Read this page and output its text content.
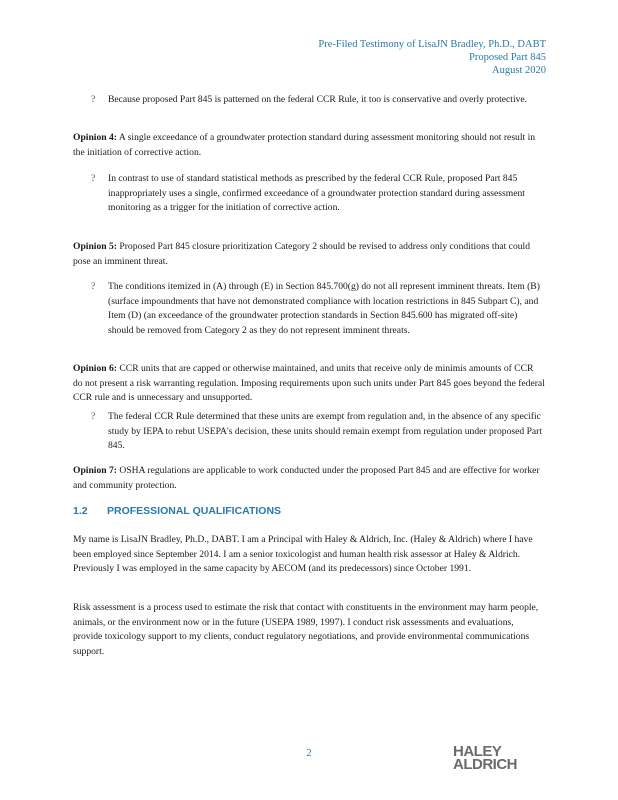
Pre-Filed Testimony of LisaJN Bradley, Ph.D., DABT
Proposed Part 845
August 2020
?	Because proposed Part 845 is patterned on the federal CCR Rule, it too is conservative and overly protective.
Opinion 4: A single exceedance of a groundwater protection standard during assessment monitoring should not result in the initiation of corrective action.
?	In contrast to use of standard statistical methods as prescribed by the federal CCR Rule, proposed Part 845 inappropriately uses a single, confirmed exceedance of a groundwater protection standard during assessment monitoring as a trigger for the initiation of corrective action.
Opinion 5: Proposed Part 845 closure prioritization Category 2 should be revised to address only conditions that could pose an imminent threat.
?	The conditions itemized in (A) through (E) in Section 845.700(g) do not all represent imminent threats. Item (B) (surface impoundments that have not demonstrated compliance with location restrictions in 845 Subpart C), and Item (D) (an exceedance of the groundwater protection standards in Section 845.600 has migrated off-site) should be removed from Category 2 as they do not represent imminent threats.
Opinion 6: CCR units that are capped or otherwise maintained, and units that receive only de minimis amounts of CCR do not present a risk warranting regulation. Imposing requirements upon such units under Part 845 goes beyond the federal CCR rule and is unnecessary and unsupported.
?	The federal CCR Rule determined that these units are exempt from regulation and, in the absence of any specific study by IEPA to rebut USEPA's decision, these units should remain exempt from regulation under proposed Part 845.
Opinion 7: OSHA regulations are applicable to work conducted under the proposed Part 845 and are effective for worker and community protection.
1.2 PROFESSIONAL QUALIFICATIONS
My name is LisaJN Bradley, Ph.D., DABT. I am a Principal with Haley & Aldrich, Inc. (Haley & Aldrich) where I have been employed since September 2014. I am a senior toxicologist and human health risk assessor at Haley & Aldrich. Previously I was employed in the same capacity by AECOM (and its predecessors) since October 1991.
Risk assessment is a process used to estimate the risk that contact with constituents in the environment may harm people, animals, or the environment now or in the future (USEPA 1989, 1997). I conduct risk assessments and evaluations, provide toxicology support to my clients, conduct regulatory negotiations, and provide environmental communications support.
2	HALEY
ALDRICH
